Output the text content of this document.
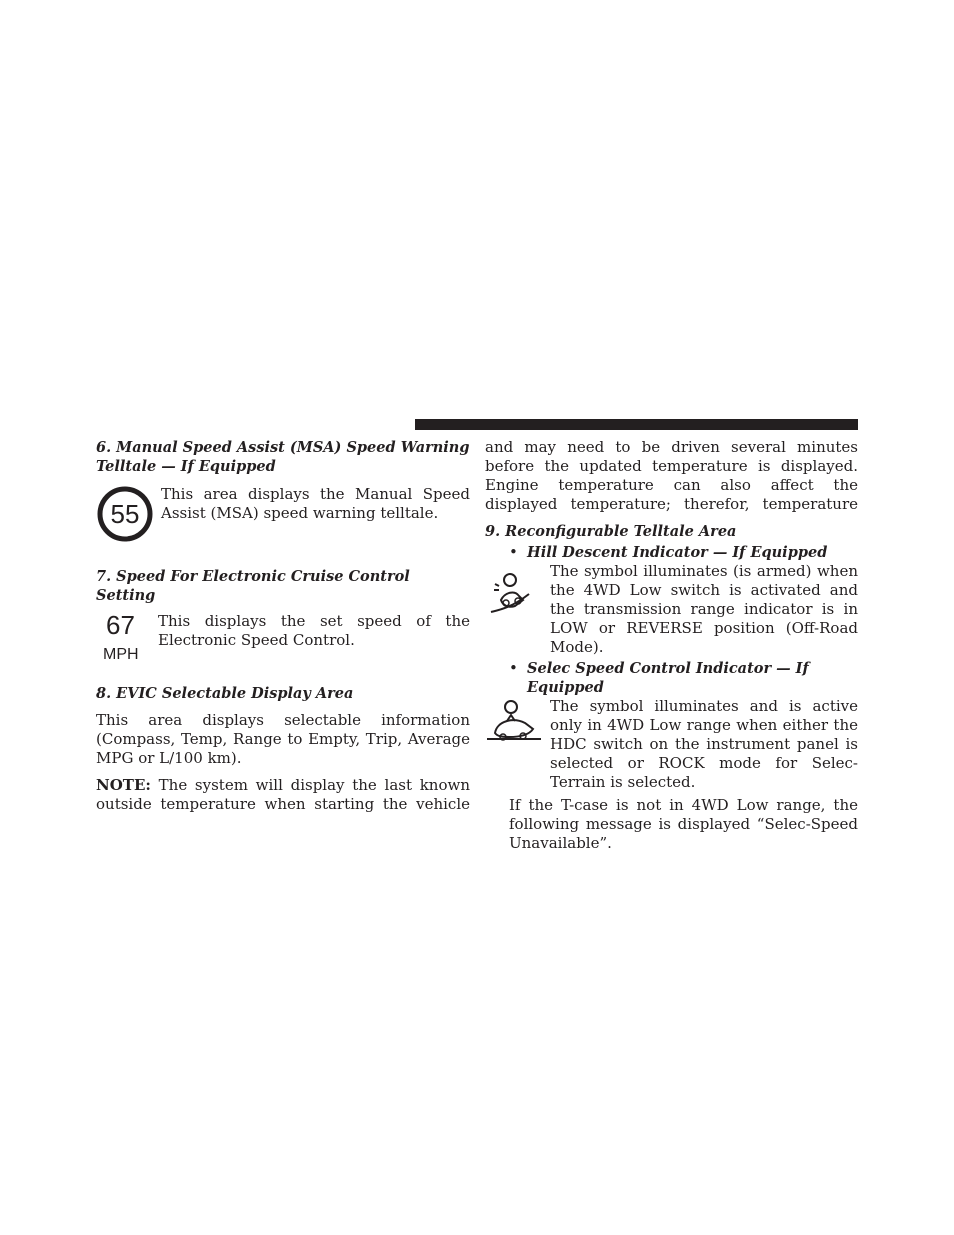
6. Manual Speed Assist (MSA) Speed Warning Telltale — If Equipped

55

This area displays the Manual Speed Assist (MSA) speed warning telltale.

7. Speed For Electronic Cruise Control Setting

67
MPH

This displays the set speed of the Electronic Speed Control.

8. EVIC Selectable Display Area

This area displays selectable information (Compass, Temp, Range to Empty, Trip, Average MPG or L/100 km).

NOTE: The system will display the last known outside temperature when starting the vehicle

and may need to be driven several minutes before the updated temperature is displayed. Engine temperature can also affect the displayed temperature; therefor, temperature

9. Reconfigurable Telltale Area

• Hill Descent Indicator — If Equipped

The symbol illuminates (is armed) when the 4WD Low switch is activated and the transmission range indicator is in LOW or REVERSE position (Off-Road Mode).

• Selec Speed Control Indicator — If Equipped

The symbol illuminates and is active only in 4WD Low range when either the HDC switch on the instrument panel is selected or ROCK mode for Selec-Terrain is selected.

If the T-case is not in 4WD Low range, the following message is displayed “Selec-Speed Unavailable”.
